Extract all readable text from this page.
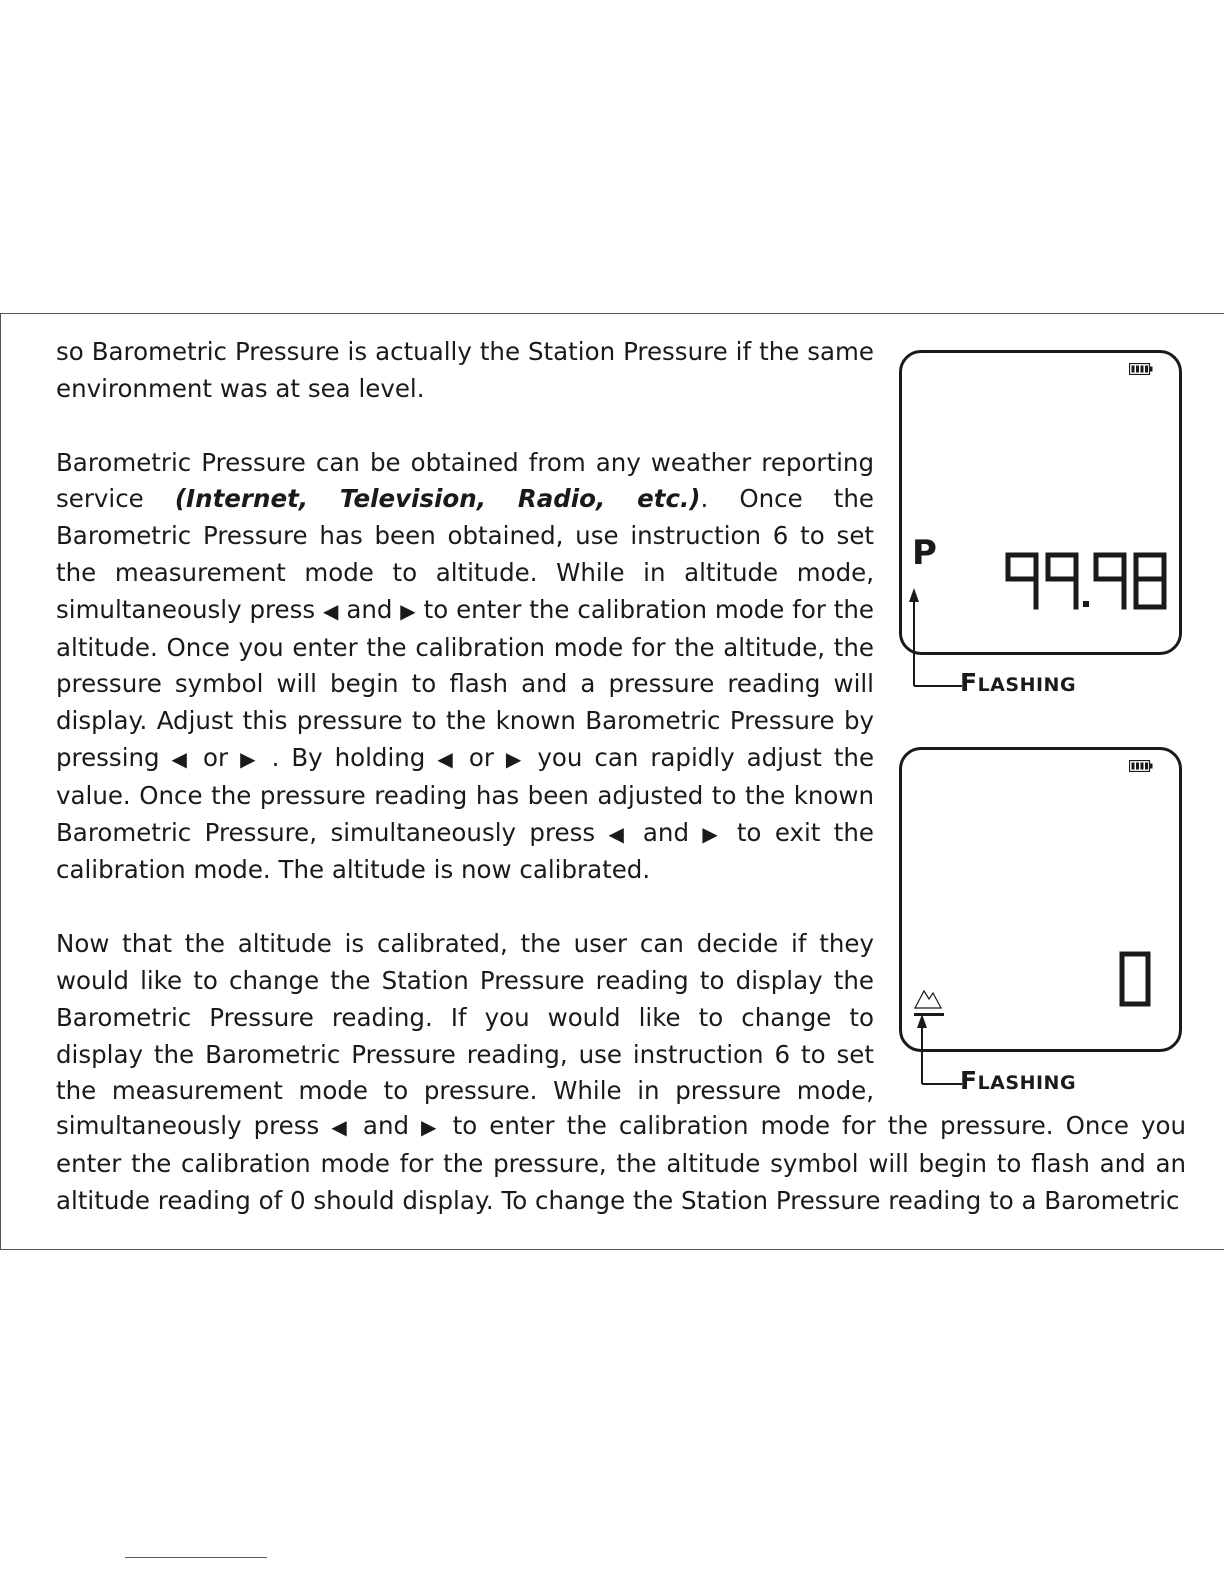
so Barometric Pressure is actually the Station Pressure if the same environment was at sea level.

Barometric Pressure can be obtained from any weather reporting service (Internet, Television, Radio, etc.). Once the Barometric Pressure has been obtained, use instruction 6 to set the measurement mode to altitude. While in altitude mode, simultaneously press ◀ and ▶ to enter the calibration mode for the altitude. Once you enter the calibration mode for the altitude, the pressure symbol will begin to flash and a pressure reading will display. Adjust this pressure to the known Barometric Pressure by pressing ◀ or ▶ . By holding ◀ or ▶ you can rapidly adjust the value. Once the pressure reading has been adjusted to the known Barometric Pressure, simultaneously press ◀ and ▶ to exit the calibration mode. The altitude is now calibrated.

Now that the altitude is calibrated, the user can decide if they would like to change the Station Pressure reading to display the Barometric Pressure reading. If you would like to change to display the Barometric Pressure reading, use instruction 6 to set the measurement mode to pressure. While in pressure mode,

simultaneously press ◀ and ▶ to enter the calibration mode for the pressure. Once you enter the calibration mode for the pressure, the altitude symbol will begin to flash and an altitude reading of 0 should display. To change the Station Pressure reading to a Barometric

P	99.98
FLASHING
0
FLASHING
